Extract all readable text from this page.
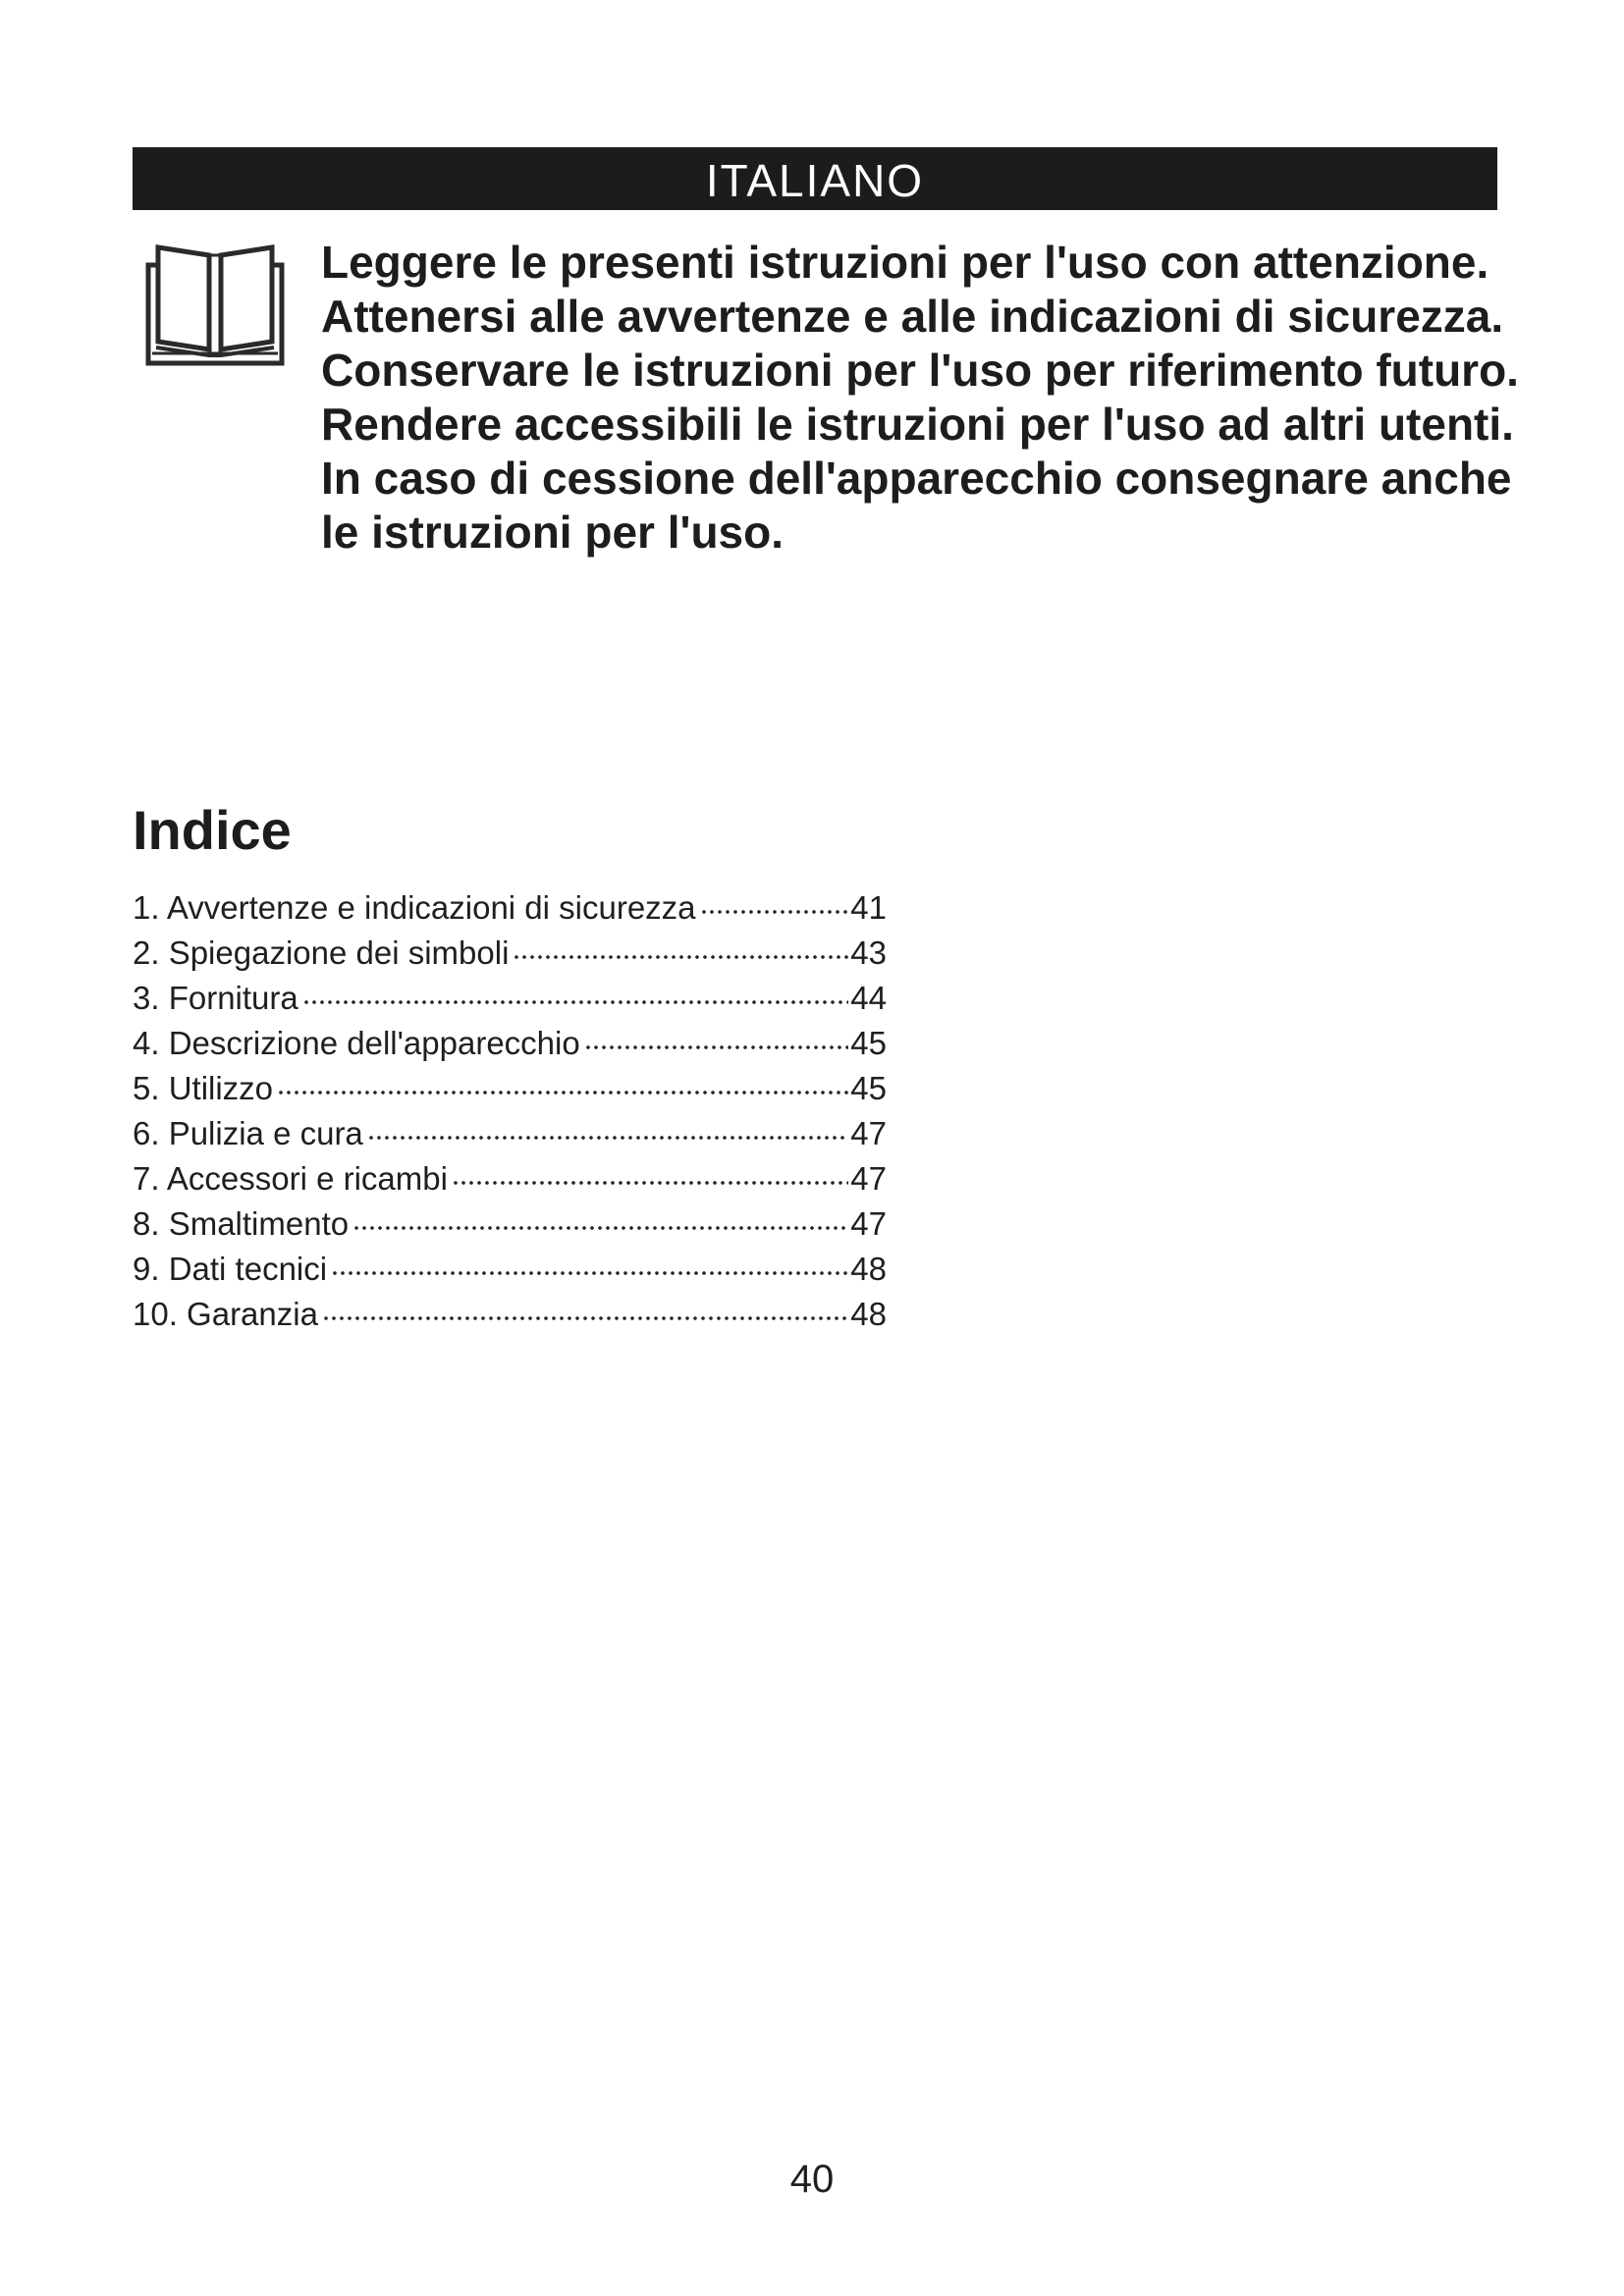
ITALIANO

Leggere le presenti istruzioni per l'uso con attenzione.
Attenersi alle avvertenze e alle indicazioni di sicurezza.
Conservare le istruzioni per l'uso per riferimento futuro.
Rendere accessibili le istruzioni per l'uso ad altri utenti.
In caso di cessione dell'apparecchio consegnare anche
le istruzioni per l'uso.

Indice
1. Avvertenze e indicazioni di sicurezza	41
2. Spiegazione dei simboli	43
3. Fornitura	44
4. Descrizione dell'apparecchio	45
5. Utilizzo	45
6. Pulizia e cura	47
7. Accessori e ricambi	47
8. Smaltimento	47
9. Dati tecnici	48
10. Garanzia	48
40
